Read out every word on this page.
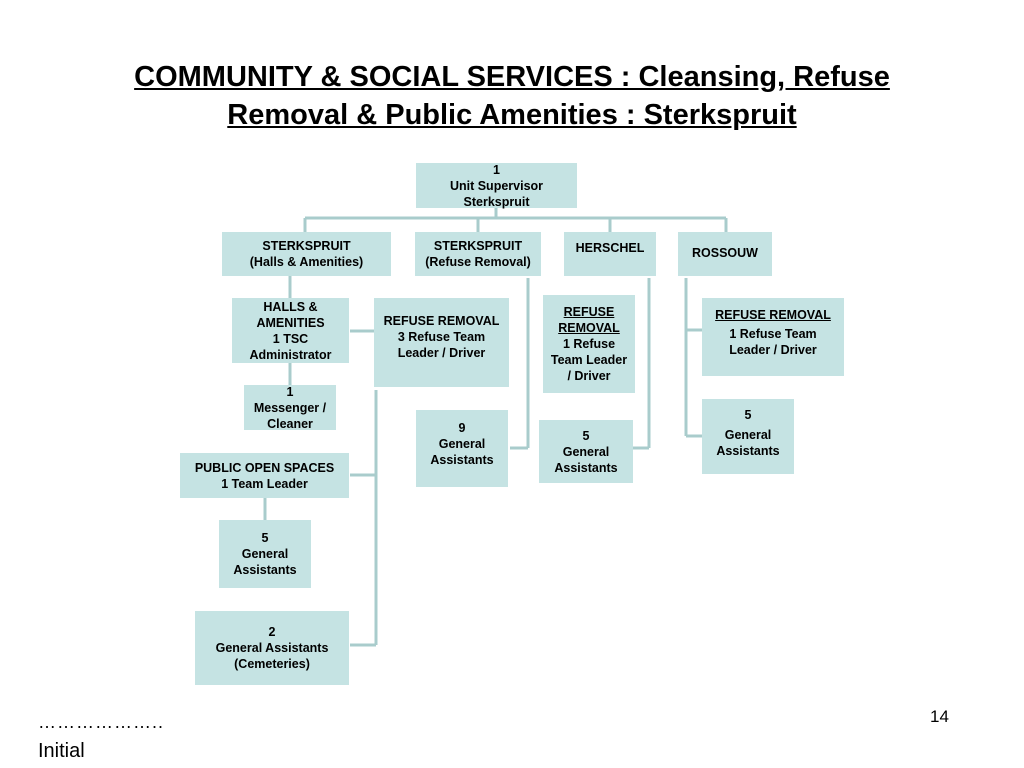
COMMUNITY & SOCIAL SERVICES : Cleansing, Refuse
Removal & Public Amenities : Sterkspruit
1
Unit Supervisor
Sterkspruit
STERKSPRUIT
(Halls & Amenities)
STERKSPRUIT
(Refuse Removal)
HERSCHEL	ROSSOUW
HALLS &
AMENITIES
1 TSC
Administrator
1
Messenger /
Cleaner
PUBLIC OPEN SPACES
1 Team Leader
5
General
Assistants
2
General Assistants
(Cemeteries)
REFUSE REMOVAL
3 Refuse Team
Leader / Driver
9
General
Assistants
REFUSE
REMOVAL
1 Refuse
Team Leader
/ Driver
5
General
Assistants
REFUSE REMOVAL
1 Refuse Team
Leader / Driver
5
General
Assistants
14
………………..
Initial
